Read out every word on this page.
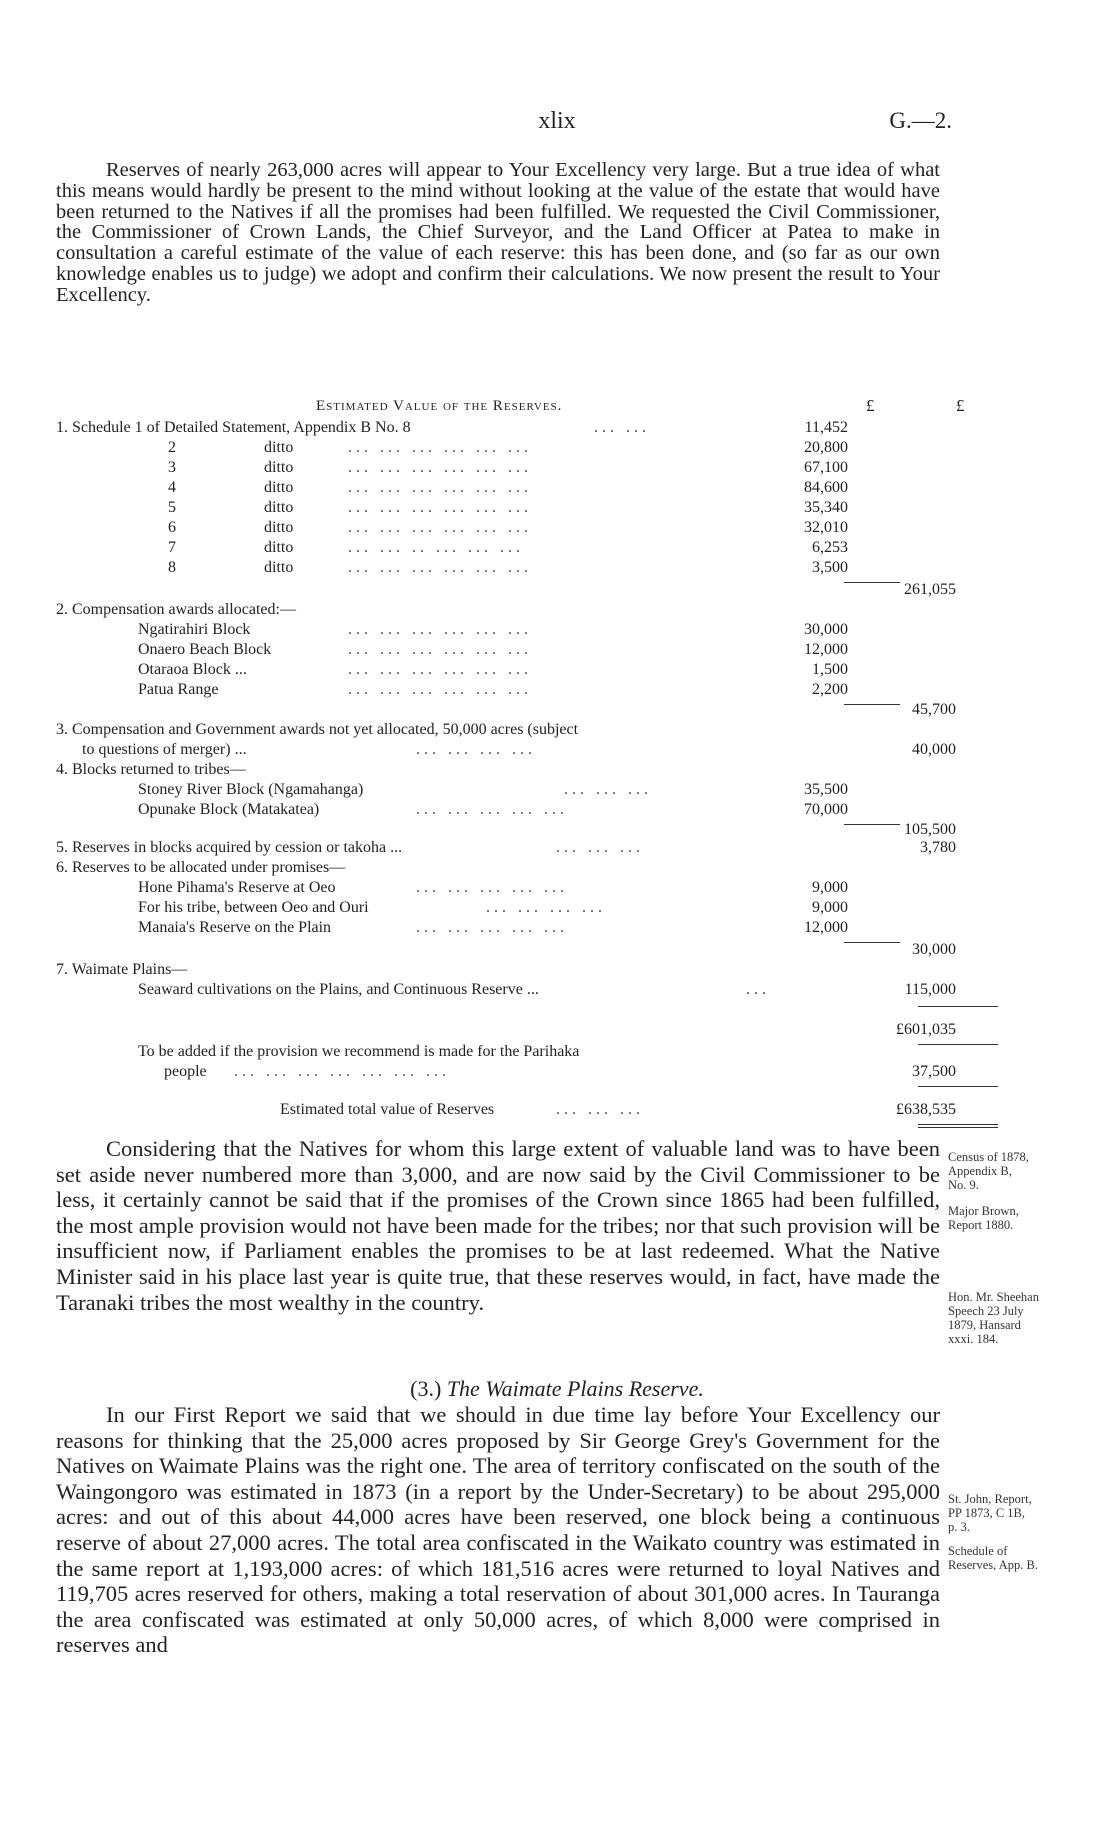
xlix	G.—2.
Reserves of nearly 263,000 acres will appear to Your Excellency very large. But a true idea of what this means would hardly be present to the mind without looking at the value of the estate that would have been returned to the Natives if all the promises had been fulfilled. We requested the Civil Commissioner, the Commissioner of Crown Lands, the Chief Surveyor, and the Land Officer at Patea to make in consultation a careful estimate of the value of each reserve: this has been done, and (so far as our own knowledge enables us to judge) we adopt and confirm their calculations. We now present the result to Your Excellency.
Estimated Value of the Reserves.	£	£
1. Schedule 1 of Detailed Statement, Appendix B No. 8	... ...	11,452
2	ditto	... ... ... ... ... ...	20,800
3	ditto	... ... ... ... ... ...	67,100
4	ditto	... ... ... ... ... ...	84,600
5	ditto	... ... ... ... ... ...	35,340
6	ditto	... ... ... ... ... ...	32,010
7	ditto	... ... .. ... ... ...	6,253
8	ditto	... ... ... ... ... ...	3,500
261,055
2. Compensation awards allocated:—
Ngatirahiri Block	... ... ... ... ... ...	30,000
Onaero Beach Block	... ... ... ... ... ...	12,000
Otaraoa Block ...	... ... ... ... ... ...	1,500
Patua Range	... ... ... ... ... ...	2,200
45,700
3. Compensation and Government awards not yet allocated, 50,000 acres (subject
to questions of merger) ...	... ... ... ...	40,000
4. Blocks returned to tribes—
Stoney River Block (Ngamahanga)	... ... ...	35,500
Opunake Block (Matakatea)	... ... ... ... ...	70,000
105,500
5. Reserves in blocks acquired by cession or takoha ...	... ... ...	3,780
6. Reserves to be allocated under promises—
Hone Pihama's Reserve at Oeo	... ... ... ... ...	9,000
For his tribe, between Oeo and Ouri	... ... ... ...	9,000
Manaia's Reserve on the Plain	... ... ... ... ...	12,000
30,000
7. Waimate Plains—
Seaward cultivations on the Plains, and Continuous Reserve ...	...	115,000
£601,035
To be added if the provision we recommend is made for the Parihaka
people ... ... ... ... ... ... ...	37,500
Estimated total value of Reserves	... ... ...	£638,535
Considering that the Natives for whom this large extent of valuable land was to have been set aside never numbered more than 3,000, and are now said by the Civil Commissioner to be less, it certainly cannot be said that if the promises of the Crown since 1865 had been fulfilled, the most ample provision would not have been made for the tribes; nor that such provision will be insufficient now, if Parliament enables the promises to be at last redeemed. What the Native Minister said in his place last year is quite true, that these reserves would, in fact, have made the Taranaki tribes the most wealthy in the country.
Census of 1878,
Appendix B,
No. 9.
Major Brown,
Report 1880.
Hon. Mr. Sheehan
Speech 23 July
1879, Hansard
xxxi. 184.
(3.) The Waimate Plains Reserve.
In our First Report we said that we should in due time lay before Your Excellency our reasons for thinking that the 25,000 acres proposed by Sir George Grey's Government for the Natives on Waimate Plains was the right one. The area of territory confiscated on the south of the Waingongoro was estimated in 1873 (in a report by the Under-Secretary) to be about 295,000 acres: and out of this about 44,000 acres have been reserved, one block being a continuous reserve of about 27,000 acres. The total area confiscated in the Waikato country was estimated in the same report at 1,193,000 acres: of which 181,516 acres were returned to loyal Natives and 119,705 acres reserved for others, making a total reservation of about 301,000 acres. In Tauranga the area confiscated was estimated at only 50,000 acres, of which 8,000 were comprised in reserves and
St. John, Report,
PP 1873, C 1B,
p. 3.
Schedule of
Reserves, App. B.
